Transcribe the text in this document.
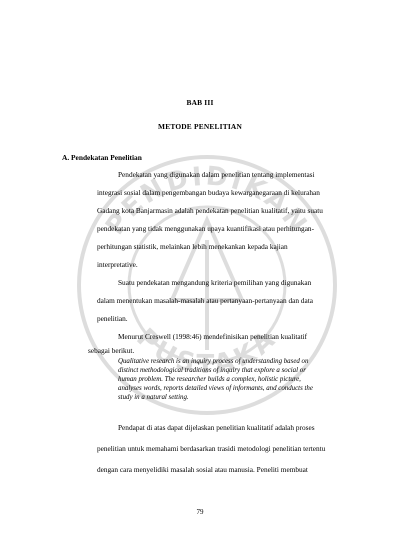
PENDIDIKAN
PUSTAKA
BAB III
METODE PENELITIAN
A. Pendekatan Penelitian
Pendekatan yang digunakan dalam penelitian tentang implementasi
integrasi sosial dalam pengembangan budaya kewarganegaraan di kelurahan
Gadang kota Banjarmasin adalah pendekatan penelitian kualitatif, yaitu suatu
pendekatan yang tidak menggunakan upaya kuantifikasi atau perhitungan-
perhitungan statistik, melainkan lebih menekankan kepada kajian
interpretative.
Suatu pendekatan mengandung kriteria pemilihan yang digunakan
dalam menentukan masalah-masalah atau pertanyaan-pertanyaan dan data
penelitian.
Menurut Creswell (1998:46) mendefinisikan penelitian kualitatif
sebagai berikut.
Qualitative research is an inquiry process of understanding based on
distinct methodological traditions of inquiry that explore a social or
human problem. The researcher builds a complex, holistic picture,
analyses words, reports detailed views of informants, and conducts the
study in a natural setting.
Pendapat di atas dapat dijelaskan penelitian kualitatif adalah proses
penelitian untuk memahami berdasarkan trasidi metodologi penelitian tertentu
dengan cara menyelidiki masalah sosial atau manusia. Peneliti membuat
79
